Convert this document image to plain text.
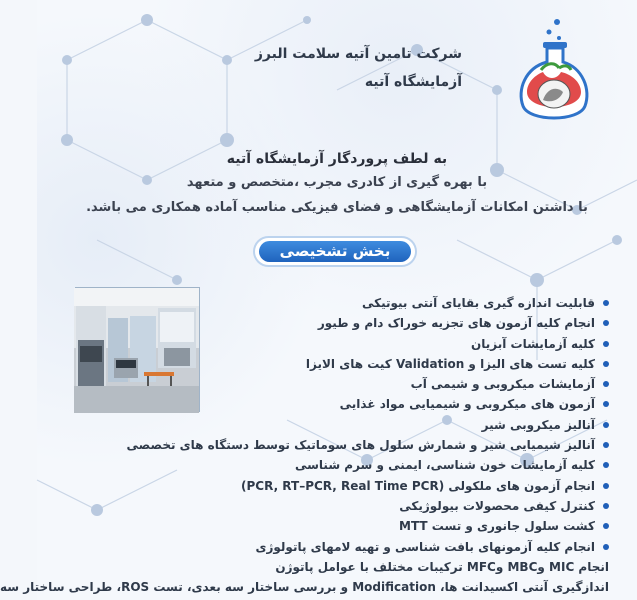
شرکت تامین آتیه سلامت البرز
آزمایشگاه آتیه
به لطف پروردگار آزمایشگاه آتیه
با بهره گیری از کادری مجرب ،متخصص و متعهد
با داشتن امکانات آزمایشگاهی و فضای فیزیکی مناسب آماده همکاری می باشد.
بخش تشخیصی
قابلیت اندازه گیری بقایای آنتی بیوتیکی
انجام کلیه آزمون های تجزیه خوراک دام و طیور
کلیه آزمایشات آبزیان
کلیه تست های الیزا و Validation کیت های الایزا
آزمایشات میکروبی و شیمی آب
آزمون های میکروبی و شیمیایی مواد غذایی
آنالیز میکروبی شیر
آنالیز شیمیایی شیر و شمارش سلول های سوماتیک توسط دستگاه های تخصصی
کلیه آزمایشات خون شناسی، ایمنی و سرم شناسی
انجام آزمون های ملکولی (PCR, RT–PCR, Real Time PCR)
کنترل کیفی محصولات بیولوژیکی
کشت سلول جانوری و تست MTT
انجام کلیه آزمونهای بافت شناسی و تهیه لامهای پاتولوژی
انجام MIC وMBC وMFC ترکیبات مختلف با عوامل پاتوژن
اندازگیری آنتی اکسیدانت ها، Modification و بررسی ساختار سه بعدی، تست ROS، طراحی ساختار سه
